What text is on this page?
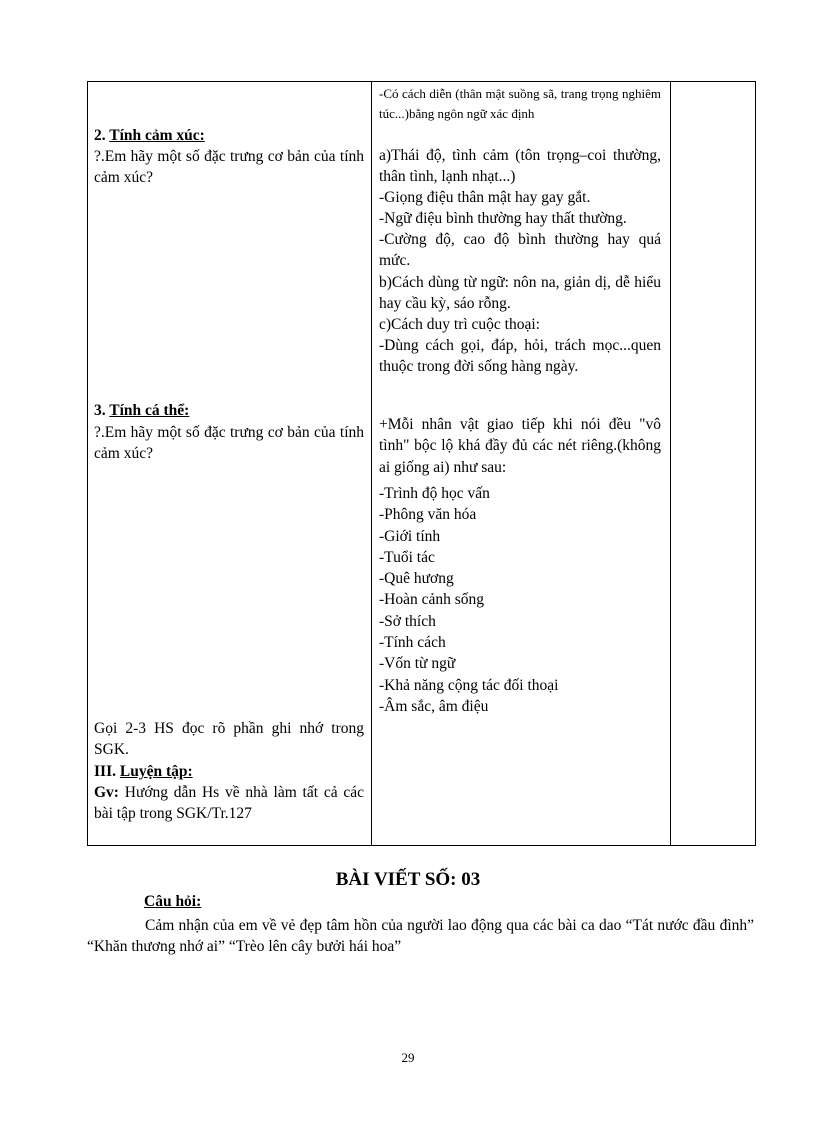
2. Tính cảm xúc:

?.Em hãy một số đặc trưng cơ bản của tính cảm xúc?

3. Tính cá thể:

?.Em hãy một số đặc trưng cơ bản của tính cảm xúc?

Gọi 2-3 HS đọc rõ phần ghi nhớ trong SGK.

III. Luyện tập:

Gv: Hướng dẫn Hs về nhà làm tất cả các bài tập trong SGK/Tr.127

-Có cách diễn (thân mật suồng sã, trang trọng nghiêm túc...)bằng ngôn ngữ xác định

a)Thái độ, tình cảm (tôn trọng–coi thường, thân tình, lạnh nhạt...)

-Giọng điệu thân mật hay gay gắt.

-Ngữ điệu bình thường hay thất thường.

-Cường độ, cao độ bình thường hay quá mức.

b)Cách dùng từ ngữ: nôn na, giản dị, dễ hiểu hay cầu kỳ, sáo rỗng.

c)Cách duy trì cuộc thoại:

-Dùng cách gọi, đáp, hỏi, trách mọc...quen thuộc trong đời sống hàng ngày.

+Mỗi nhân vật giao tiếp khi nói đều "vô tình" bộc lộ khá đầy đủ các nét riêng.(không ai giống ai) như sau:

-Trình độ học vấn
-Phông văn hóa
-Giới tính
-Tuổi tác
-Quê hương
-Hoàn cảnh sống
-Sở thích
-Tính cách
-Vốn từ ngữ
-Khả năng cộng tác đối thoại
-Âm sắc, âm điệu
BÀI VIẾT SỐ: 03
Câu hỏi:

Cảm nhận của em về vẻ đẹp tâm hồn của người lao động qua các bài ca dao “Tát nước đầu đình” “Khăn thương nhớ ai” “Trèo lên cây bưởi hái hoa”

29
